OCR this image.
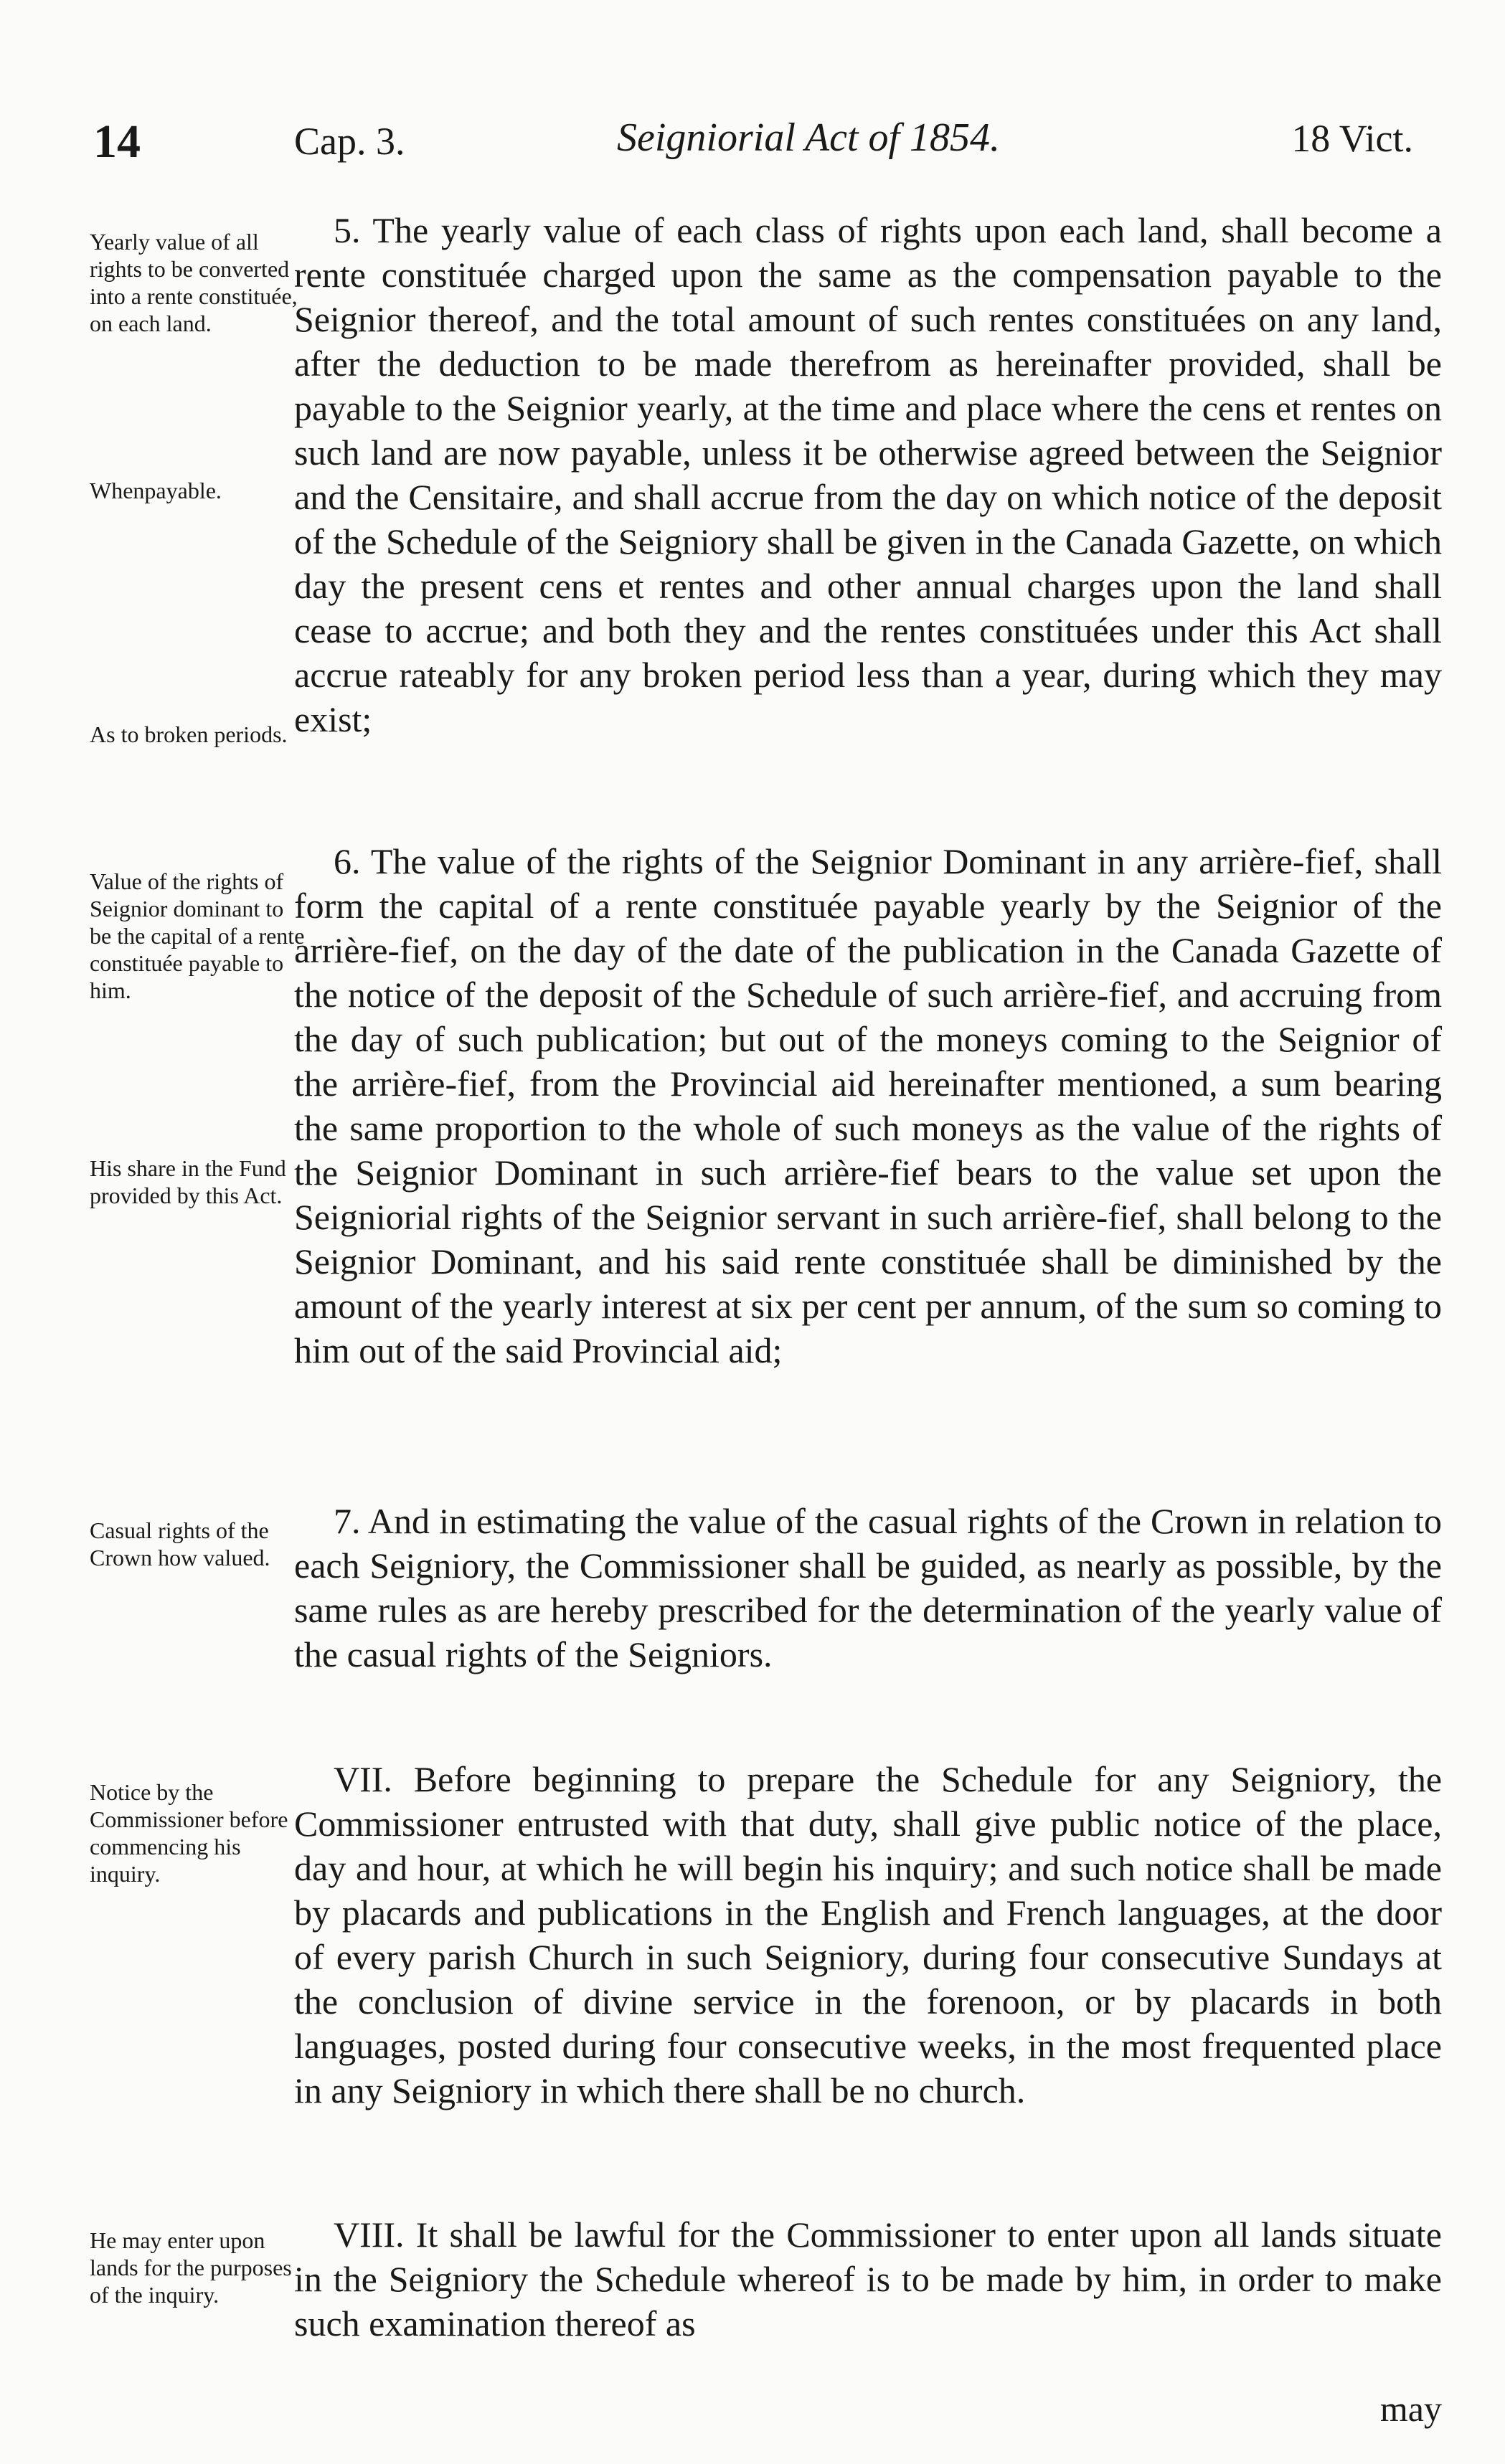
14	Cap. 3.	Seigniorial Act of 1854.	18 Vict.

Yearly value of all rights to be converted into a rente constituée, on each land.

Whenpayable.

As to broken periods.

5. The yearly value of each class of rights upon each land, shall become a rente constituée charged upon the same as the compensation payable to the Seignior thereof, and the total amount of such rentes constituées on any land, after the deduction to be made therefrom as hereinafter provided, shall be payable to the Seignior yearly, at the time and place where the cens et rentes on such land are now payable, unless it be otherwise agreed between the Seignior and the Censitaire, and shall accrue from the day on which notice of the deposit of the Schedule of the Seigniory shall be given in the Canada Gazette, on which day the present cens et rentes and other annual charges upon the land shall cease to accrue; and both they and the rentes constituées under this Act shall accrue rateably for any broken period less than a year, during which they may exist;

Value of the rights of Seignior dominant to be the capital of a rente constituée payable to him.

His share in the Fund provided by this Act.

6. The value of the rights of the Seignior Dominant in any arrière-fief, shall form the capital of a rente constituée payable yearly by the Seignior of the arrière-fief, on the day of the date of the publication in the Canada Gazette of the notice of the deposit of the Schedule of such arrière-fief, and accruing from the day of such publication; but out of the moneys coming to the Seignior of the arrière-fief, from the Provincial aid hereinafter mentioned, a sum bearing the same proportion to the whole of such moneys as the value of the rights of the Seignior Dominant in such arrière-fief bears to the value set upon the Seigniorial rights of the Seignior servant in such arrière-fief, shall belong to the Seignior Dominant, and his said rente constituée shall be diminished by the amount of the yearly interest at six per cent per annum, of the sum so coming to him out of the said Provincial aid;

Casual rights of the Crown how valued.

7. And in estimating the value of the casual rights of the Crown in relation to each Seigniory, the Commissioner shall be guided, as nearly as possible, by the same rules as are hereby prescribed for the determination of the yearly value of the casual rights of the Seigniors.

Notice by the Commissioner before commencing his inquiry.

VII. Before beginning to prepare the Schedule for any Seigniory, the Commissioner entrusted with that duty, shall give public notice of the place, day and hour, at which he will begin his inquiry; and such notice shall be made by placards and publications in the English and French languages, at the door of every parish Church in such Seigniory, during four consecutive Sundays at the conclusion of divine service in the forenoon, or by placards in both languages, posted during four consecutive weeks, in the most frequented place in any Seigniory in which there shall be no church.

He may enter upon lands for the purposes of the inquiry.

VIII. It shall be lawful for the Commissioner to enter upon all lands situate in the Seigniory the Schedule whereof is to be made by him, in order to make such examination thereof as
may
